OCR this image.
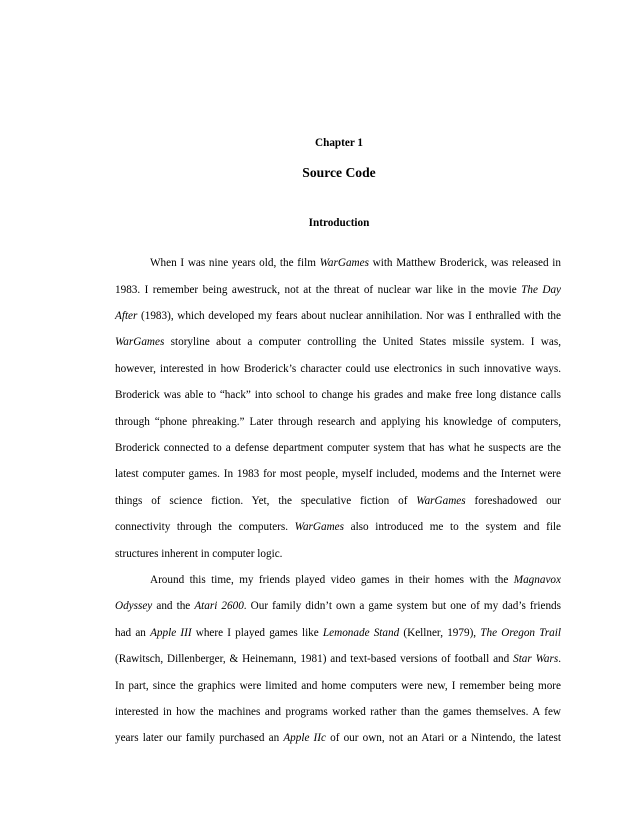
Chapter 1
Source Code
Introduction
When I was nine years old, the film WarGames with Matthew Broderick, was released in
1983. I remember being awestruck, not at the threat of nuclear war like in the movie The Day
After (1983), which developed my fears about nuclear annihilation. Nor was I enthralled with the
WarGames storyline about a computer controlling the United States missile system. I was,
however, interested in how Broderick’s character could use electronics in such innovative ways.
Broderick was able to “hack” into school to change his grades and make free long distance calls
through “phone phreaking.” Later through research and applying his knowledge of computers,
Broderick connected to a defense department computer system that has what he suspects are the
latest computer games. In 1983 for most people, myself included, modems and the Internet were
things of science fiction. Yet, the speculative fiction of WarGames foreshadowed our
connectivity through the computers. WarGames also introduced me to the system and file
structures inherent in computer logic.
Around this time, my friends played video games in their homes with the Magnavox
Odyssey and the Atari 2600. Our family didn’t own a game system but one of my dad’s friends
had an Apple III where I played games like Lemonade Stand (Kellner, 1979), The Oregon Trail
(Rawitsch, Dillenberger, & Heinemann, 1981) and text-based versions of football and Star Wars.
In part, since the graphics were limited and home computers were new, I remember being more
interested in how the machines and programs worked rather than the games themselves. A few
years later our family purchased an Apple IIc of our own, not an Atari or a Nintendo, the latest
